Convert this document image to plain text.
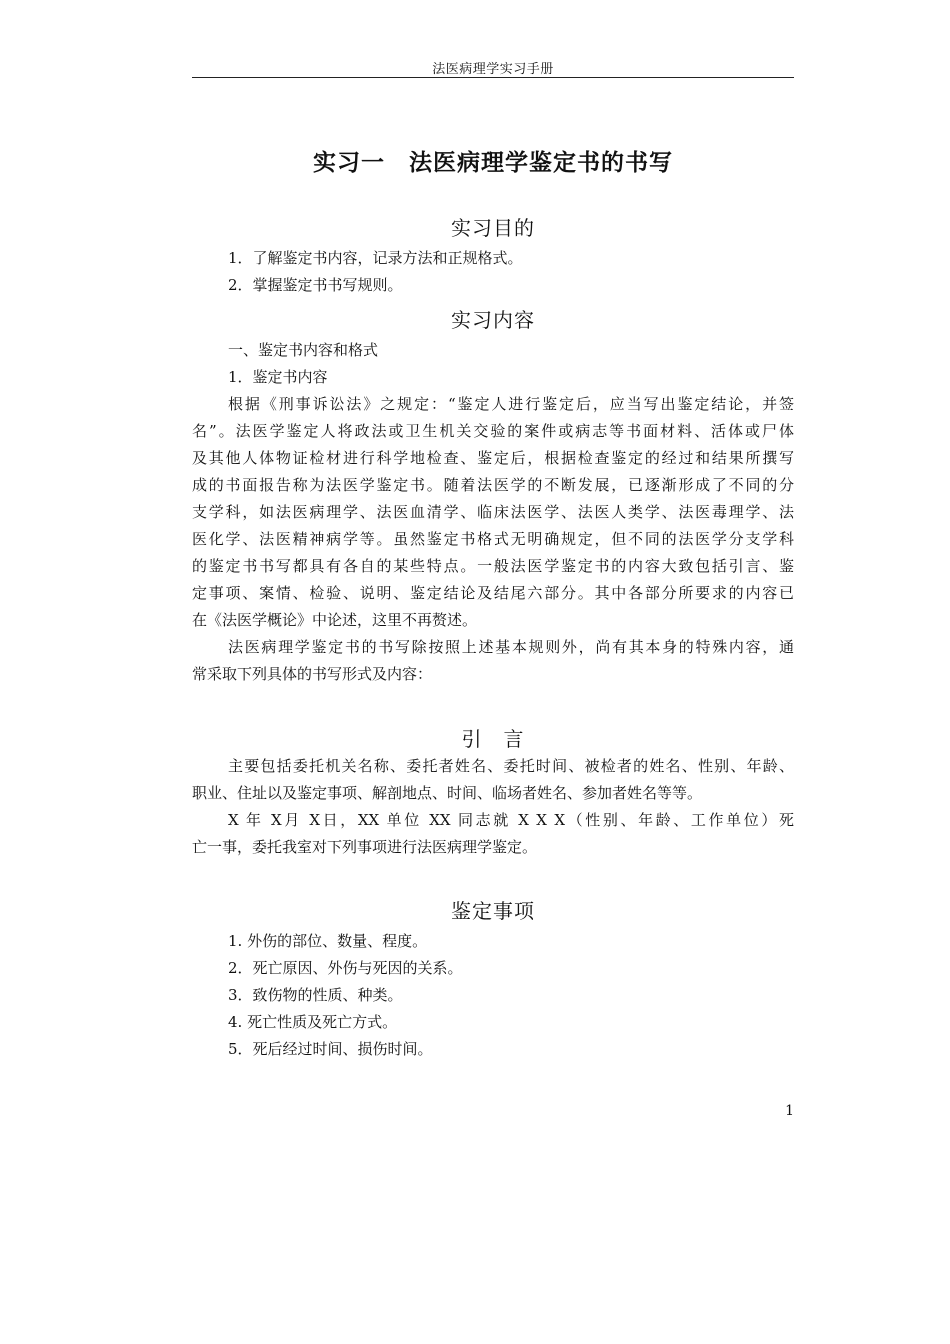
法医病理学实习手册
实习一　法医病理学鉴定书的书写
实习目的
1．了解鉴定书内容，记录方法和正规格式。
2．掌握鉴定书书写规则。
实习内容
一、鉴定书内容和格式
1．鉴定书内容
根据《刑事诉讼法》之规定：“鉴定人进行鉴定后，应当写出鉴定结论，并签
名”。法医学鉴定人将政法或卫生机关交验的案件或病志等书面材料、活体或尸体
及其他人体物证检材进行科学地检查、鉴定后，根据检查鉴定的经过和结果所撰写
成的书面报告称为法医学鉴定书。随着法医学的不断发展，已逐渐形成了不同的分
支学科，如法医病理学、法医血清学、临床法医学、法医人类学、法医毒理学、法
医化学、法医精神病学等。虽然鉴定书格式无明确规定，但不同的法医学分支学科
的鉴定书书写都具有各自的某些特点。一般法医学鉴定书的内容大致包括引言、鉴
定事项、案情、检验、说明、鉴定结论及结尾六部分。其中各部分所要求的内容已
在《法医学概论》中论述，这里不再赘述。
法医病理学鉴定书的书写除按照上述基本规则外，尚有其本身的特殊内容，通
常采取下列具体的书写形式及内容：
引　言
主要包括委托机关名称、委托者姓名、委托时间、被检者的姓名、性别、年龄、
职业、住址以及鉴定事项、解剖地点、时间、临场者姓名、参加者姓名等等。
X 年 X月 X日，XX 单位 XX 同志就 X X X（性别、年龄、工作单位）死
亡一事，委托我室对下列事项进行法医病理学鉴定。
鉴定事项
1. 外伤的部位、数量、程度。
2．死亡原因、外伤与死因的关系。
3．致伤物的性质、种类。
4. 死亡性质及死亡方式。
5．死后经过时间、损伤时间。
1
